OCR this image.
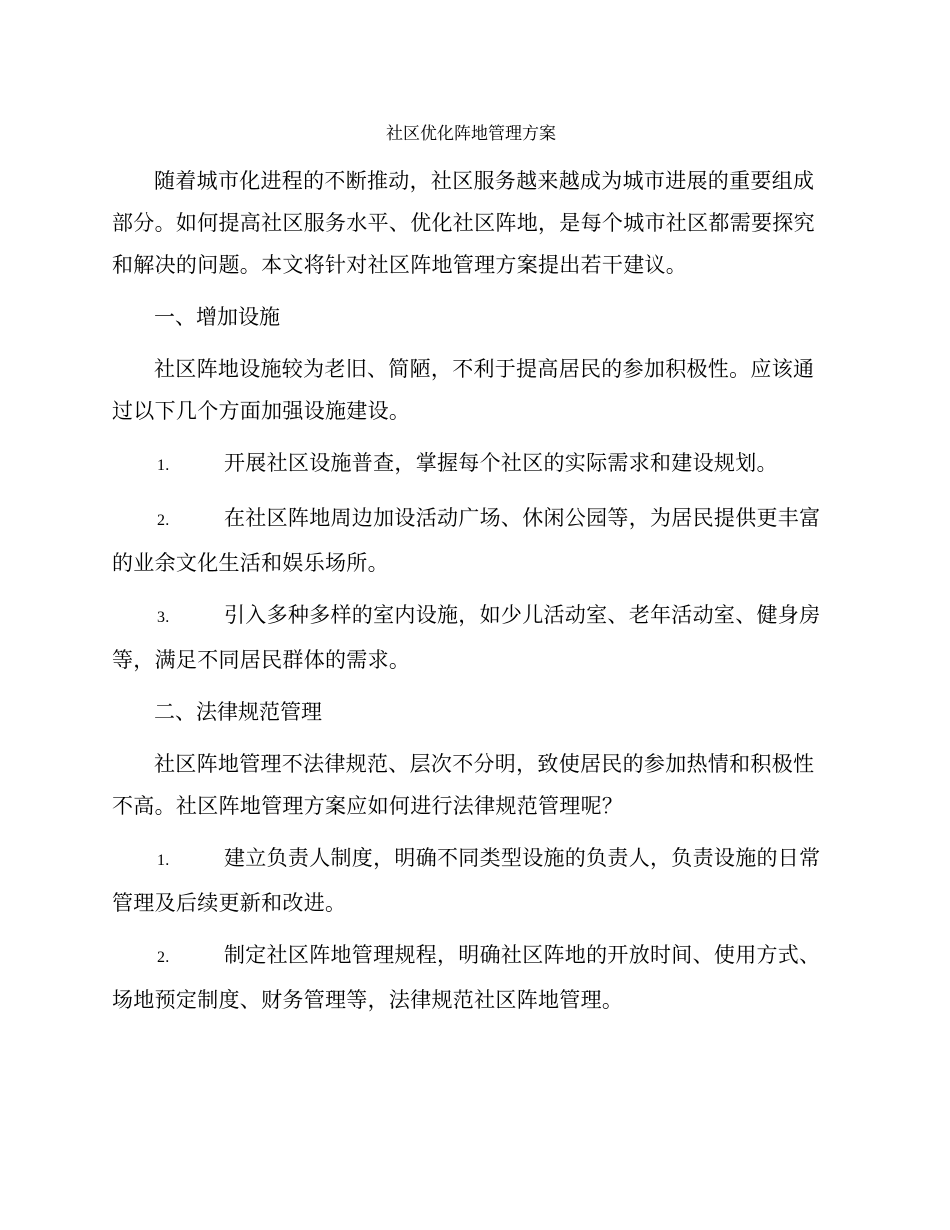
社区优化阵地管理方案

随着城市化进程的不断推动，社区服务越来越成为城市进展的重要组成部分。如何提高社区服务水平、优化社区阵地，是每个城市社区都需要探究和解决的问题。本文将针对社区阵地管理方案提出若干建议。

一、增加设施

社区阵地设施较为老旧、简陋，不利于提高居民的参加积极性。应该通过以下几个方面加强设施建设。

1.	开展社区设施普查，掌握每个社区的实际需求和建设规划。

2.	在社区阵地周边加设活动广场、休闲公园等，为居民提供更丰富的业余文化生活和娱乐场所。

3.	引入多种多样的室内设施，如少儿活动室、老年活动室、健身房等，满足不同居民群体的需求。

二、法律规范管理

社区阵地管理不法律规范、层次不分明，致使居民的参加热情和积极性不高。社区阵地管理方案应如何进行法律规范管理呢？

1.	建立负责人制度，明确不同类型设施的负责人，负责设施的日常管理及后续更新和改进。

2.	制定社区阵地管理规程，明确社区阵地的开放时间、使用方式、场地预定制度、财务管理等，法律规范社区阵地管理。
